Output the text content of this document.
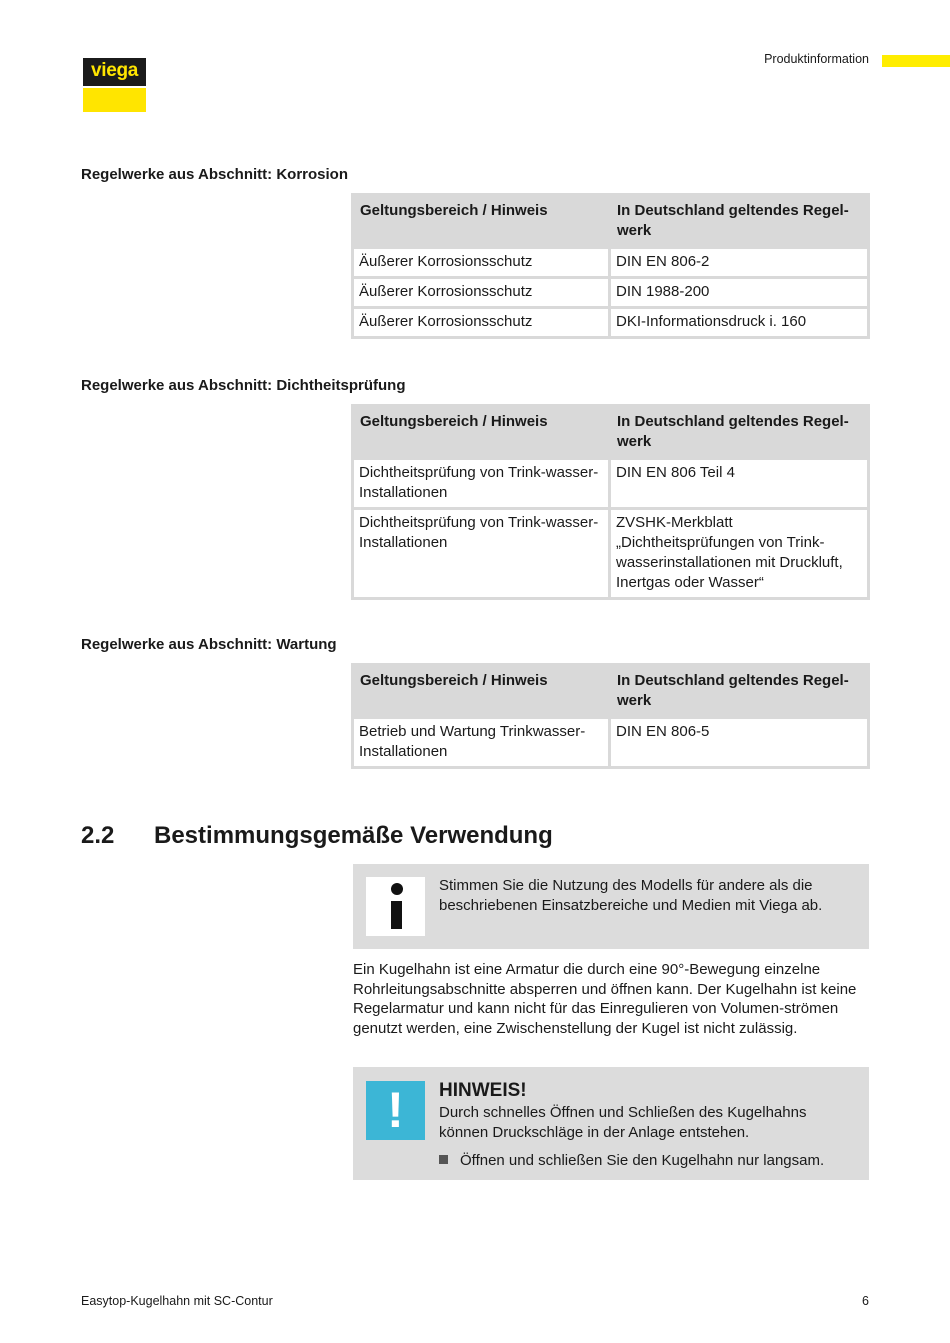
viega
Produktinformation
Regelwerke aus Abschnitt: Korrosion
Geltungsbereich / Hinweis	In Deutschland geltendes Regel-werk
Äußerer Korrosionsschutz	DIN EN 806-2
Äußerer Korrosionsschutz	DIN 1988-200
Äußerer Korrosionsschutz	DKI-Informationsdruck i. 160
Regelwerke aus Abschnitt: Dichtheitsprüfung
Geltungsbereich / Hinweis	In Deutschland geltendes Regel-werk
Dichtheitsprüfung von Trink-wasser-Installationen	DIN EN 806 Teil 4
Dichtheitsprüfung von Trink-wasser-Installationen	ZVSHK-Merkblatt „Dichtheitsprüfungen von Trink-wasserinstallationen mit Druckluft, Inertgas oder Wasser“
Regelwerke aus Abschnitt: Wartung
Geltungsbereich / Hinweis	In Deutschland geltendes Regel-werk
Betrieb und Wartung Trinkwasser-Installationen	DIN EN 806-5
2.2 Bestimmungsgemäße Verwendung
Stimmen Sie die Nutzung des Modells für andere als die beschriebenen Einsatzbereiche und Medien mit Viega ab.
Ein Kugelhahn ist eine Armatur die durch eine 90°-Bewegung einzelne Rohrleitungsabschnitte absperren und öffnen kann. Der Kugelhahn ist keine Regelarmatur und kann nicht für das Einregulieren von Volumen-strömen genutzt werden, eine Zwischenstellung der Kugel ist nicht zulässig.
!	HINWEIS!
Durch schnelles Öffnen und Schließen des Kugelhahns können Druckschläge in der Anlage entstehen.
Öffnen und schließen Sie den Kugelhahn nur langsam.
Easytop-Kugelhahn mit SC-Contur	6
